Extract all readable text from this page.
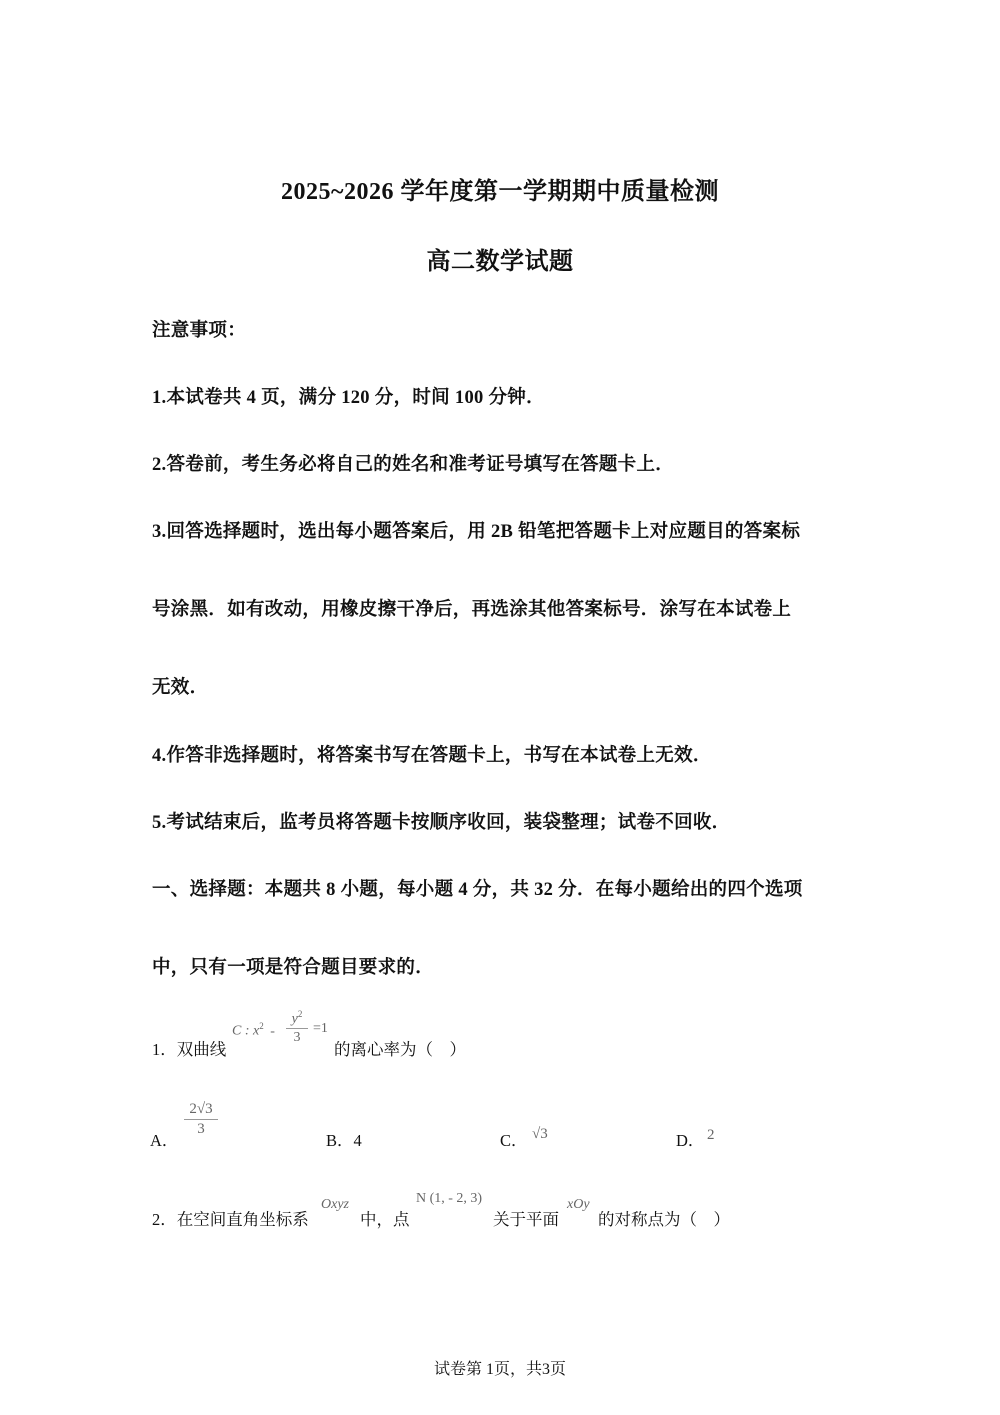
2025~2026 学年度第一学期期中质量检测
高二数学试题
注意事项：
1.本试卷共 4 页，满分 120 分，时间 100 分钟．
2.答卷前，考生务必将自己的姓名和准考证号填写在答题卡上．
3.回答选择题时，选出每小题答案后，用 2B 铅笔把答题卡上对应题目的答案标
号涂黑．如有改动，用橡皮擦干净后，再选涂其他答案标号．涂写在本试卷上
无效．
4.作答非选择题时，将答案书写在答题卡上，书写在本试卷上无效．
5.考试结束后，监考员将答题卡按顺序收回，装袋整理；试卷不回收．
一、选择题：本题共 8 小题，每小题 4 分，共 32 分．在每小题给出的四个选项
中，只有一项是符合题目要求的．
1．双曲线
C : $x^2$ -
$y^2$
3
=1
的离心率为（　）
A．
2√3
3
B．4	C． √3	D． 2
2．在空间直角坐标系
Oxyz
中，点
N (1, - 2, 3)
关于平面
xOy
的对称点为（　）
试卷第 1页，共3页
